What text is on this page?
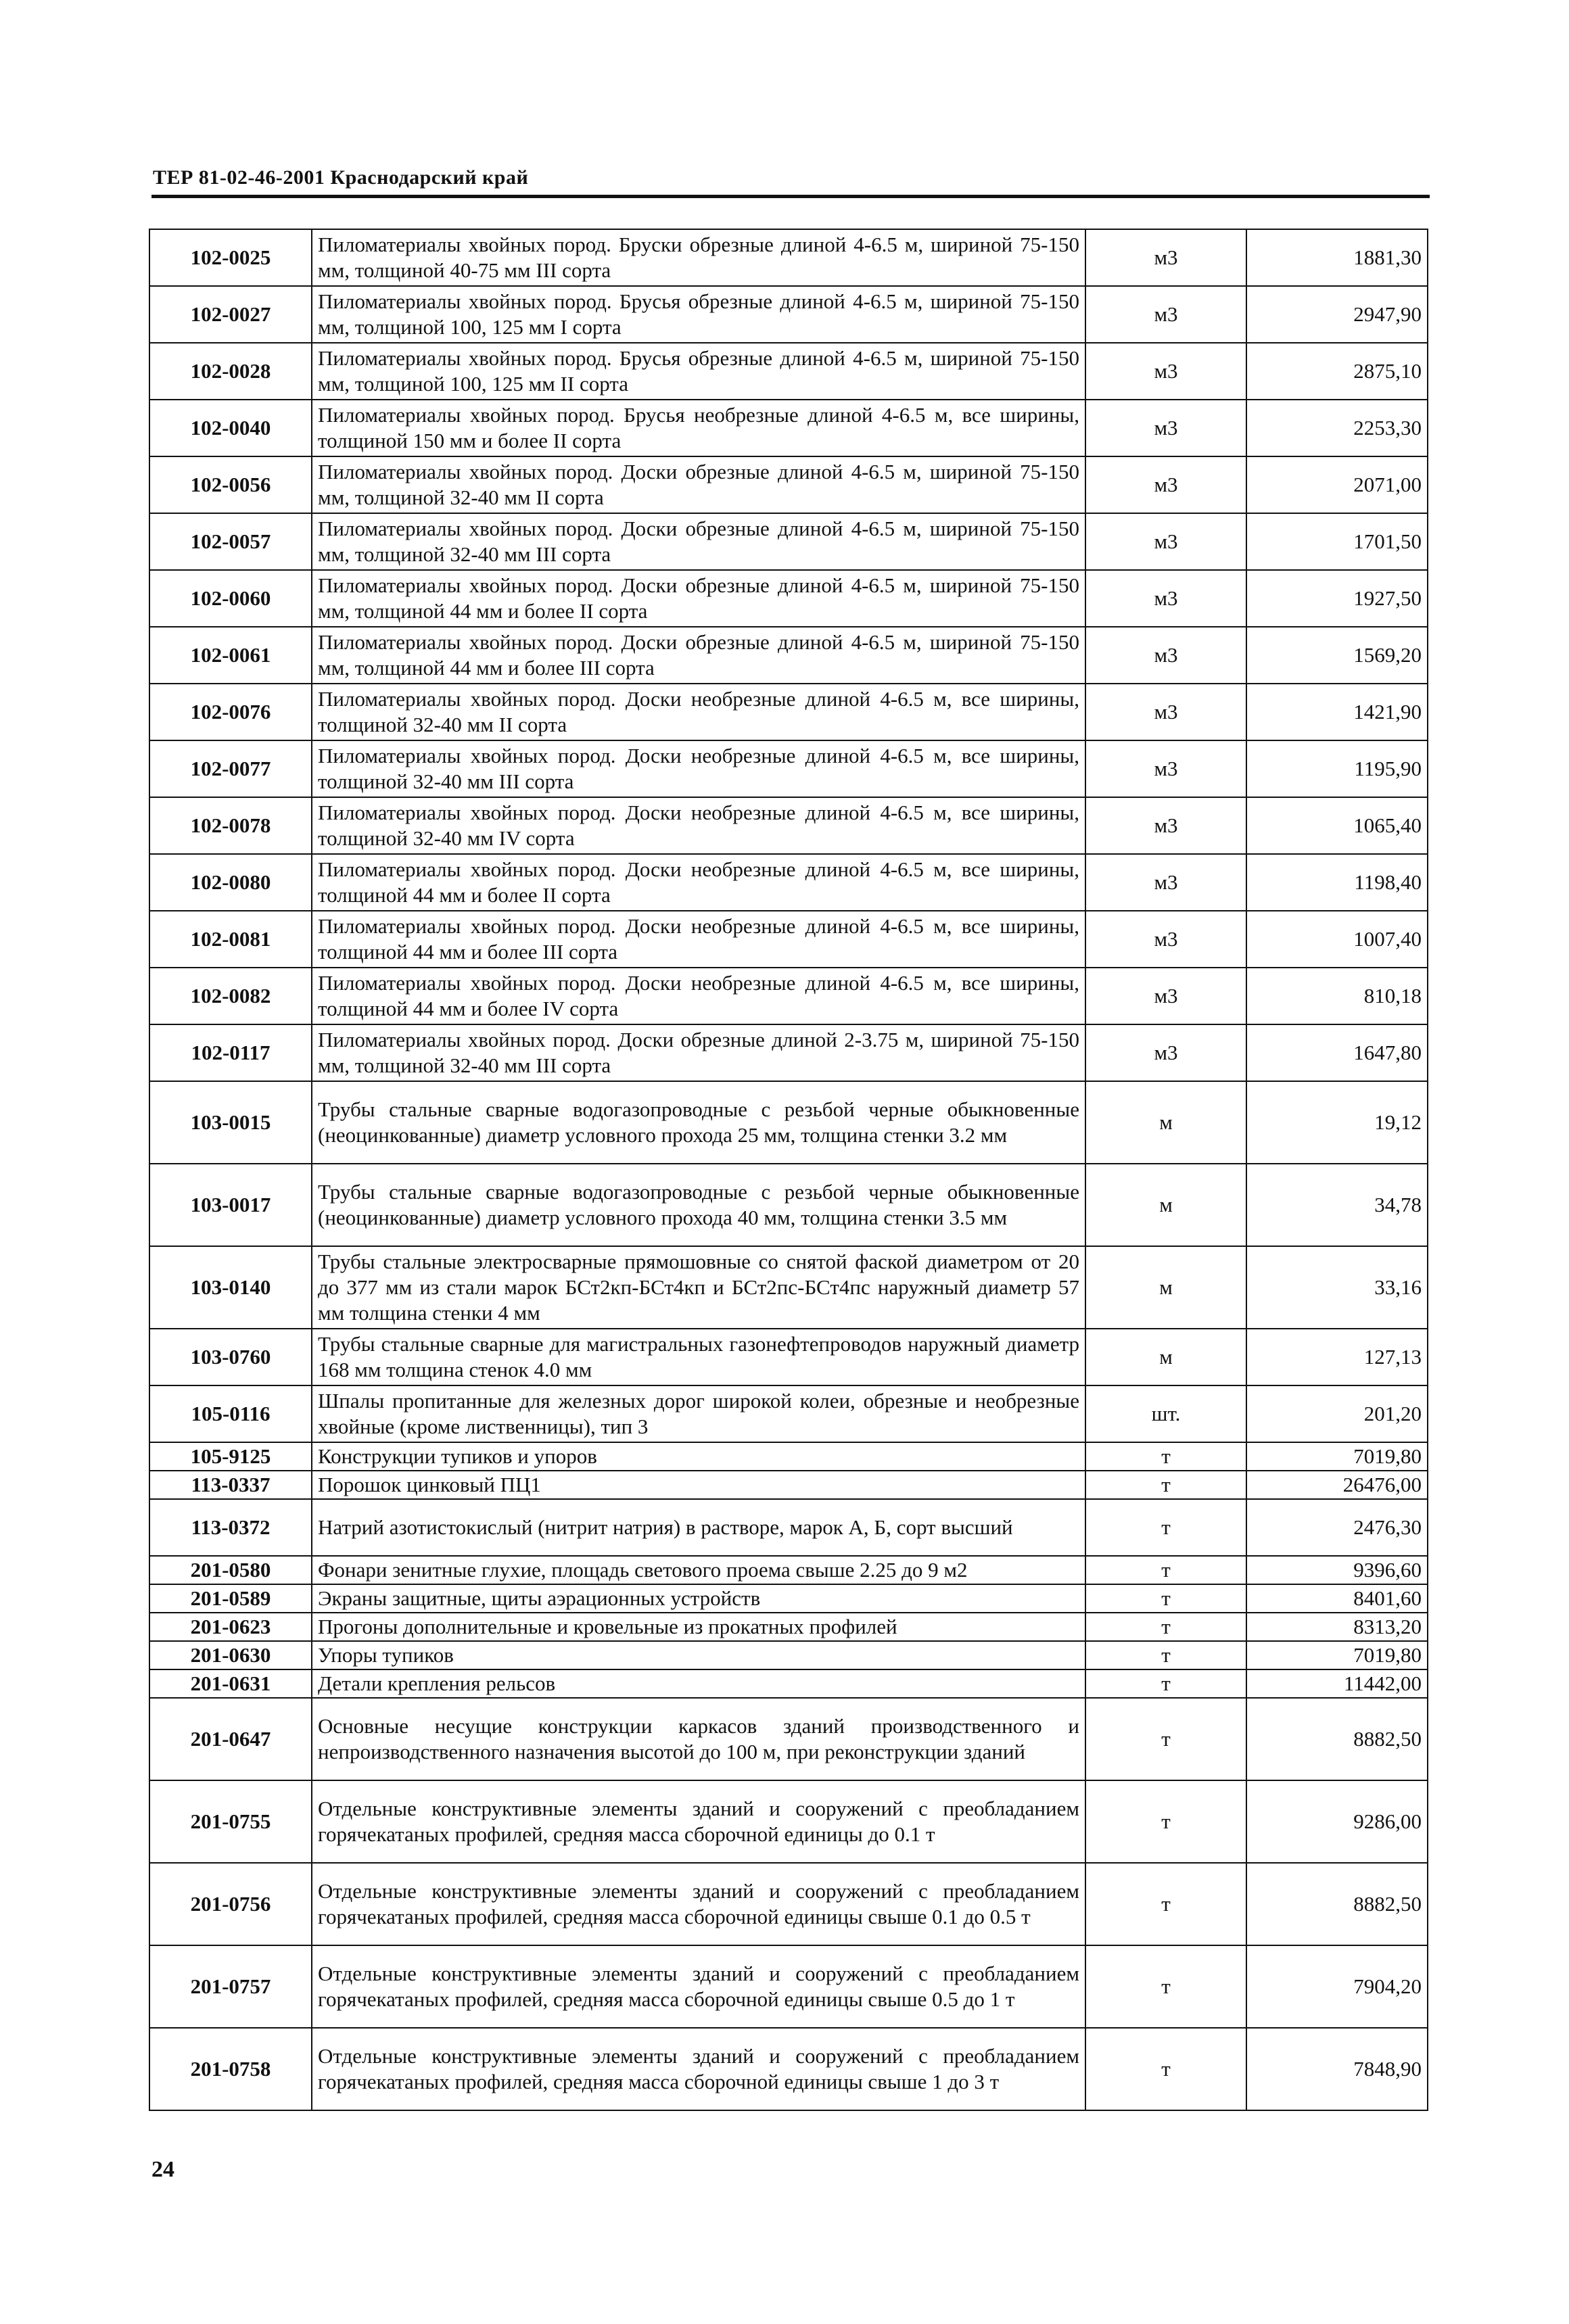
ТЕР 81-02-46-2001 Краснодарский край
102-0025	Пиломатериалы хвойных пород. Бруски обрезные длиной 4-6.5 м, шириной 75-150 мм, толщиной 40-75 мм III сорта	м3	1881,30
102-0027	Пиломатериалы хвойных пород. Брусья обрезные длиной 4-6.5 м, шириной 75-150 мм, толщиной 100, 125 мм I сорта	м3	2947,90
102-0028	Пиломатериалы хвойных пород. Брусья обрезные длиной 4-6.5 м, шириной 75-150 мм, толщиной 100, 125 мм II сорта	м3	2875,10
102-0040	Пиломатериалы хвойных пород. Брусья необрезные длиной 4-6.5 м, все ширины, толщиной 150 мм и более II сорта	м3	2253,30
102-0056	Пиломатериалы хвойных пород. Доски обрезные длиной 4-6.5 м, шириной 75-150 мм, толщиной 32-40 мм II сорта	м3	2071,00
102-0057	Пиломатериалы хвойных пород. Доски обрезные длиной 4-6.5 м, шириной 75-150 мм, толщиной 32-40 мм III сорта	м3	1701,50
102-0060	Пиломатериалы хвойных пород. Доски обрезные длиной 4-6.5 м, шириной 75-150 мм, толщиной 44 мм и более II сорта	м3	1927,50
102-0061	Пиломатериалы хвойных пород. Доски обрезные длиной 4-6.5 м, шириной 75-150 мм, толщиной 44 мм и более III сорта	м3	1569,20
102-0076	Пиломатериалы хвойных пород. Доски необрезные длиной 4-6.5 м, все ширины, толщиной 32-40 мм II сорта	м3	1421,90
102-0077	Пиломатериалы хвойных пород. Доски необрезные длиной 4-6.5 м, все ширины, толщиной 32-40 мм III сорта	м3	1195,90
102-0078	Пиломатериалы хвойных пород. Доски необрезные длиной 4-6.5 м, все ширины, толщиной 32-40 мм IV сорта	м3	1065,40
102-0080	Пиломатериалы хвойных пород. Доски необрезные длиной 4-6.5 м, все ширины, толщиной 44 мм и более II сорта	м3	1198,40
102-0081	Пиломатериалы хвойных пород. Доски необрезные длиной 4-6.5 м, все ширины, толщиной 44 мм и более III сорта	м3	1007,40
102-0082	Пиломатериалы хвойных пород. Доски необрезные длиной 4-6.5 м, все ширины, толщиной 44 мм и более IV сорта	м3	810,18
102-0117	Пиломатериалы хвойных пород. Доски обрезные длиной 2-3.75 м, шириной 75-150 мм, толщиной 32-40 мм III сорта	м3	1647,80
103-0015	Трубы стальные сварные водогазопроводные с резьбой черные обыкновенные (неоцинкованные) диаметр условного прохода 25 мм, толщина стенки 3.2 мм	м	19,12
103-0017	Трубы стальные сварные водогазопроводные с резьбой черные обыкновенные (неоцинкованные) диаметр условного прохода 40 мм, толщина стенки 3.5 мм	м	34,78
103-0140	Трубы стальные электросварные прямошовные со снятой фаской диаметром от 20 до 377 мм из стали марок БСт2кп-БСт4кп и БСт2пс-БСт4пс наружный диаметр 57 мм толщина стенки 4 мм	м	33,16
103-0760	Трубы стальные сварные для магистральных газонефтепроводов наружный диаметр 168 мм толщина стенок 4.0 мм	м	127,13
105-0116	Шпалы пропитанные для железных дорог широкой колеи, обрезные и необрезные хвойные (кроме лиственницы), тип 3	шт.	201,20
105-9125	Конструкции тупиков и упоров	т	7019,80
113-0337	Порошок цинковый ПЦ1	т	26476,00
113-0372	Натрий азотистокислый (нитрит натрия) в растворе, марок А, Б, сорт высший	т	2476,30
201-0580	Фонари зенитные глухие, площадь светового проема свыше 2.25 до 9 м2	т	9396,60
201-0589	Экраны защитные, щиты аэрационных устройств	т	8401,60
201-0623	Прогоны дополнительные и кровельные из прокатных профилей	т	8313,20
201-0630	Упоры тупиков	т	7019,80
201-0631	Детали крепления рельсов	т	11442,00
201-0647	Основные несущие конструкции каркасов зданий производственного и непроизводственного назначения высотой до 100 м, при реконструкции зданий	т	8882,50
201-0755	Отдельные конструктивные элементы зданий и сооружений с преобладанием горячекатаных профилей, средняя масса сборочной единицы до 0.1 т	т	9286,00
201-0756	Отдельные конструктивные элементы зданий и сооружений с преобладанием горячекатаных профилей, средняя масса сборочной единицы свыше 0.1 до 0.5 т	т	8882,50
201-0757	Отдельные конструктивные элементы зданий и сооружений с преобладанием горячекатаных профилей, средняя масса сборочной единицы свыше 0.5 до 1 т	т	7904,20
201-0758	Отдельные конструктивные элементы зданий и сооружений с преобладанием горячекатаных профилей, средняя масса сборочной единицы свыше 1 до 3 т	т	7848,90
24
